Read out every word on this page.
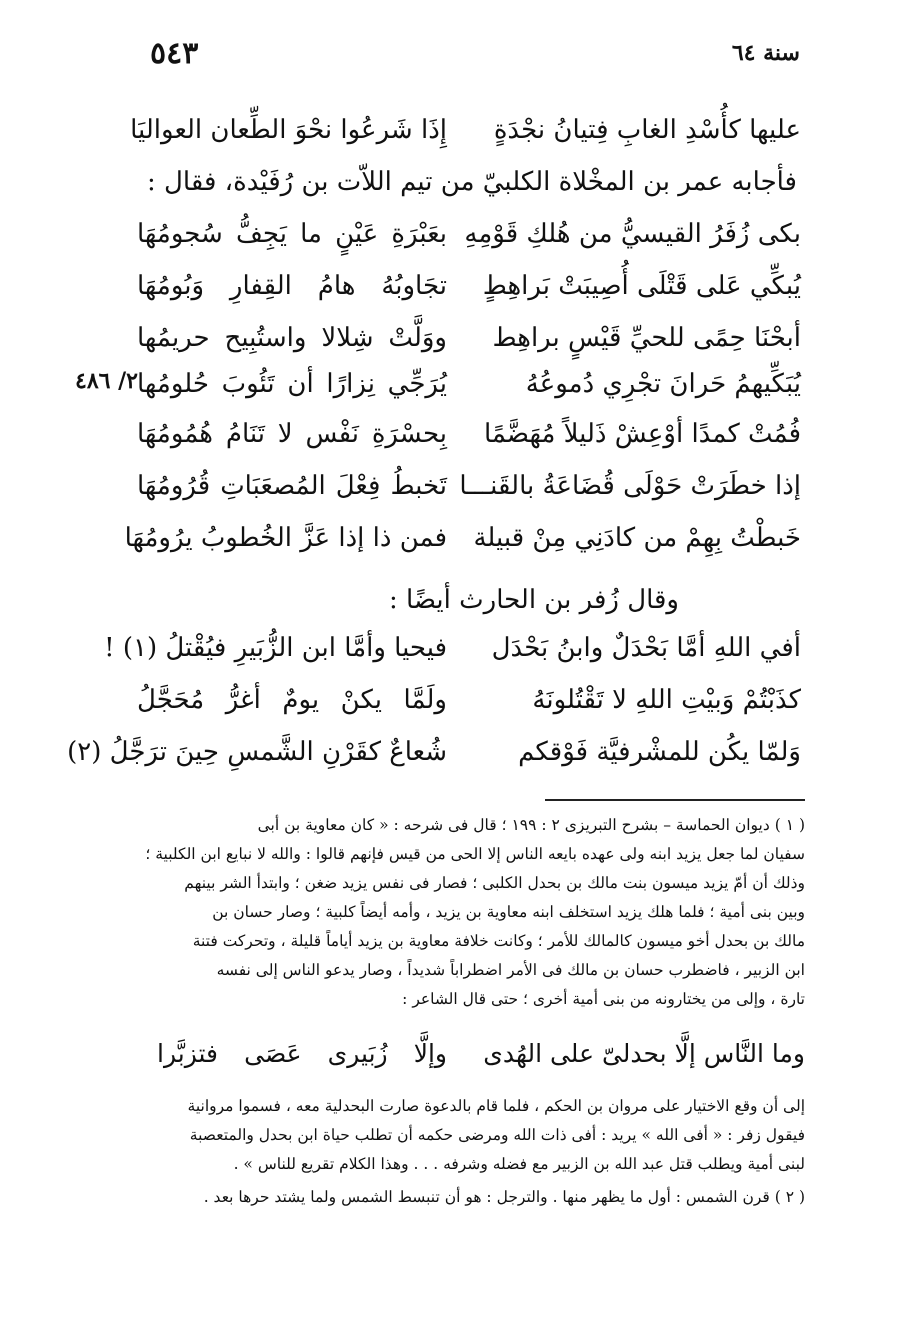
٥٤٣	سنة ٦٤
عليها كأُسْدِ الغابِ فِتيانُ نجْدَةٍ
إِذَا شَرعُوا نحْوَ الطِّعان العواليَا
فأجابه عمر بن المخْلاة الكلبيّ من تيم اللاّت بن رُفَيْدة، فقال :
بكى زُفَرُ القيسيُّ من هُلكِ قَوْمِهِ
بعَبْرَةِ عَيْنٍ ما يَجِفُّ سُجومُهَا
يُبكِّي عَلى قَتْلَى أُصِيبَتْ بَراهِطٍ
تجَاوبُهُ هامُ القِفارِ وَبُومُهَا
أبحْنَا حِمًى للحيِّ قَيْسٍ براهِط
ووَلَّتْ شِلالا واستُبِيح حريمُها
يُبَكِّيهمُ حَرانَ تجْرِي دُموعُهُ
يُرَجِّي نِزارًا أن تَئُوبَ حُلومُها
٢/ ٤٨٦
فُمُتْ كمدًا أوْعِشْ ذَليلاً مُهَضَّمًا
بِحسْرَةِ نَفْس لا تَنَامُ هُمُومُهَا
إذا خطَرَتْ حَوْلَى قُضَاعَةُ بالقَنـــا
تَخبطُ فِعْلَ المُصعَبَاتِ قُرُومُهَا
خَبطْتُ بِهِمْ من كادَنِي مِنْ قبيلة
فمن ذا إذا عَزَّ الخُطوبُ يرُومُهَا
وقال زُفر بن الحارث أيضًا :
أفي اللهِ أمَّا بَحْدَلٌ وابنُ بَحْدَل
فيحيا وأمَّا ابن الزُّبَيرِ فيُقْتلُ (١) !
كذَبْتُمْ وَبيْتِ اللهِ لا تَقْتُلونَهُ
ولَمَّا يكنْ يومٌ أغرُّ مُحَجَّلُ
وَلمّا يكُن للمشْرفيَّة فَوْقكم
شُعاعٌ كقَرْنِ الشَّمسِ حِينَ ترَجَّلُ (٢)
( ١ ) ديوان الحماسة – بشرح التبريزى ٢ : ١٩٩ ؛ قال فى شرحه : « كان معاوية بن أبى
سفيان لما جعل يزيد ابنه ولى عهده بايعه الناس إلا الحى من قيس فإنهم قالوا : والله لا نبايع ابن الكلبية ؛
وذلك أن أمّ يزيد ميسون بنت مالك بن بحدل الكلبى ؛ فصار فى نفس يزيد ضغن ؛ وابتدأ الشر بينهم
وبين بنى أمية ؛ فلما هلك يزيد استخلف ابنه معاوية بن يزيد ، وأمه أيضاً كلبية ؛ وصار حسان بن
مالك بن بحدل أخو ميسون كالمالك للأمر ؛ وكانت خلافة معاوية بن يزيد أياماً قليلة ، وتحركت فتنة
ابن الزبير ، فاضطرب حسان بن مالك فى الأمر اضطراباً شديداً ، وصار يدعو الناس إلى نفسه
تارة ، وإلى من يختارونه من بنى أمية أخرى ؛ حتى قال الشاعر :
وما النَّاس إلَّا بحدلىّ على الهُدى
وإلَّا زُبَيرى عَصَى فتزبَّرا
إلى أن وقع الاختيار على مروان بن الحكم ، فلما قام بالدعوة صارت البحدلية معه ، فسموا مروانية
فيقول زفر : « أفى الله » يريد : أفى ذات الله ومرضى حكمه أن تطلب حياة ابن بحدل والمتعصبة
لبنى أمية ويطلب قتل عبد الله بن الزبير مع فضله وشرفه . . . وهذا الكلام تقريع للناس » .
( ٢ ) قرن الشمس : أول ما يظهر منها . والترجل : هو أن تنبسط الشمس ولما يشتد حرها بعد .
